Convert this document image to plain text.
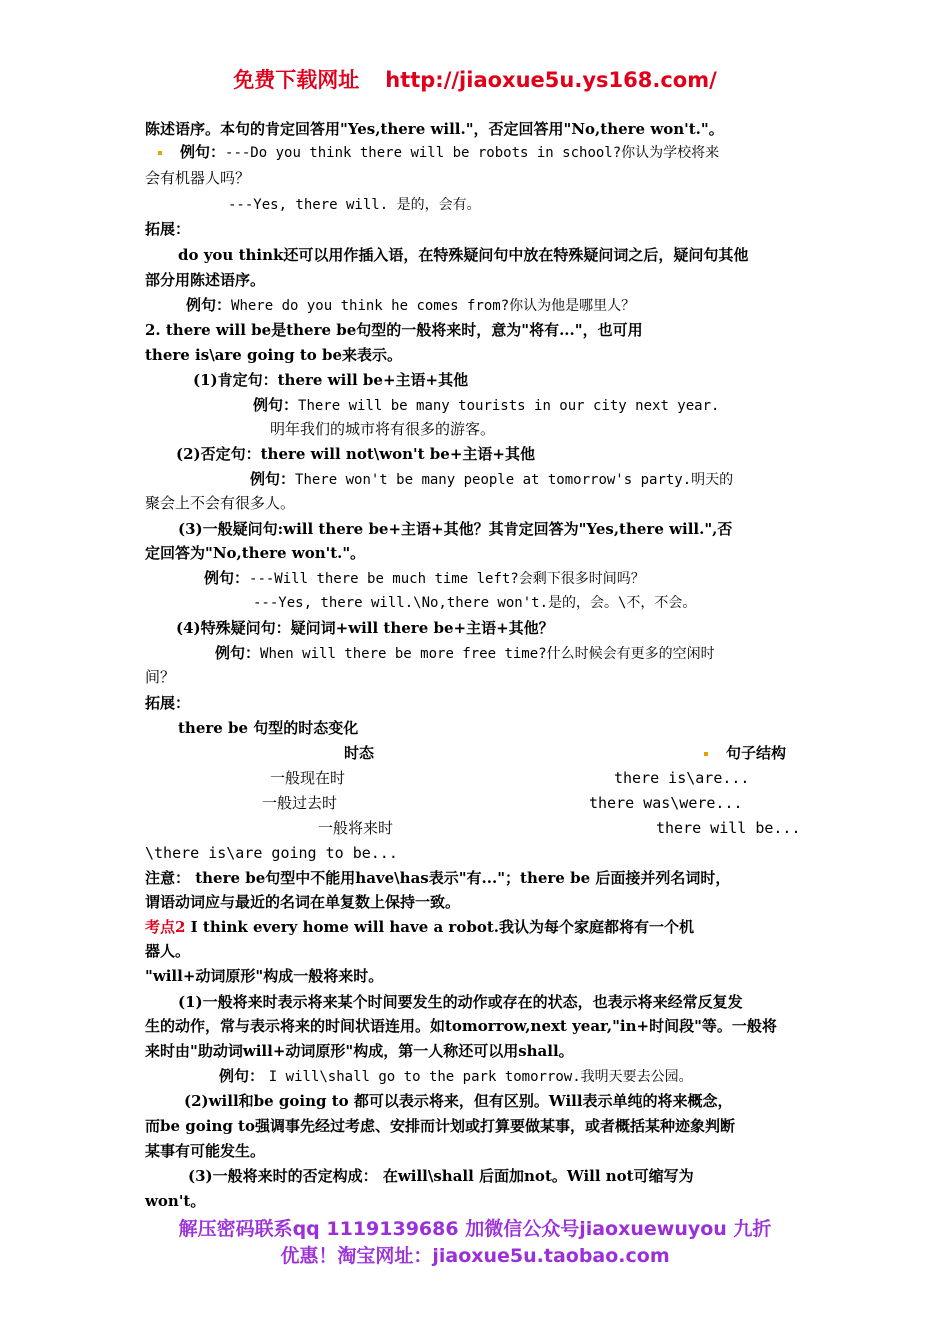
免费下载网址 http://jiaoxue5u.ys168.com/
陈述语序。本句的肯定回答用"Yes,there will."，否定回答用"No,there won't."。
例句：---Do you think there will be robots in school?你认为学校将来
会有机器人吗？
---Yes, there will. 是的，会有。
拓展：
do you think还可以用作插入语，在特殊疑问句中放在特殊疑问词之后，疑问句其他
部分用陈述语序。
例句：Where do you think he comes from?你认为他是哪里人？
2. there will be是there be句型的一般将来时，意为"将有..."，也可用
there is\are going to be来表示。
(1)肯定句：there will be+主语+其他
例句：There will be many tourists in our city next year.
明年我们的城市将有很多的游客。
(2)否定句：there will not\won't be+主语+其他
例句：There won't be many people at tomorrow's party.明天的
聚会上不会有很多人。
(3)一般疑问句:will there be+主语+其他？其肯定回答为"Yes,there will.",否
定回答为"No,there won't."。
例句：---Will there be much time left?会剩下很多时间吗？
---Yes, there will.\No,there won't.是的，会。\不，不会。
(4)特殊疑问句：疑问词+will there be+主语+其他？
例句：When will there be more free time?什么时候会有更多的空闲时
间？
拓展：
there be 句型的时态变化
时态	句子结构
一般现在时	there is\are...
一般过去时	there was\were...
一般将来时	there will be...
\there is\are going to be...
注意： there be句型中不能用have\has表示"有..."；there be 后面接并列名词时，
谓语动词应与最近的名词在单复数上保持一致。
考点2 I think every home will have a robot.我认为每个家庭都将有一个机
器人。
"will+动词原形"构成一般将来时。
(1)一般将来时表示将来某个时间要发生的动作或存在的状态，也表示将来经常反复发
生的动作，常与表示将来的时间状语连用。如tomorrow,next year,"in+时间段"等。一般将
来时由"助动词will+动词原形"构成，第一人称还可以用shall。
例句： I will\shall go to the park tomorrow.我明天要去公园。
(2)will和be going to 都可以表示将来，但有区别。Will表示单纯的将来概念，
而be going to强调事先经过考虑、安排而计划或打算要做某事，或者概括某种迹象判断
某事有可能发生。
(3)一般将来时的否定构成： 在will\shall 后面加not。Will not可缩写为
won't。
解压密码联系qq 1119139686 加微信公众号jiaoxuewuyou 九折
优惠！淘宝网址：jiaoxue5u.taobao.com
